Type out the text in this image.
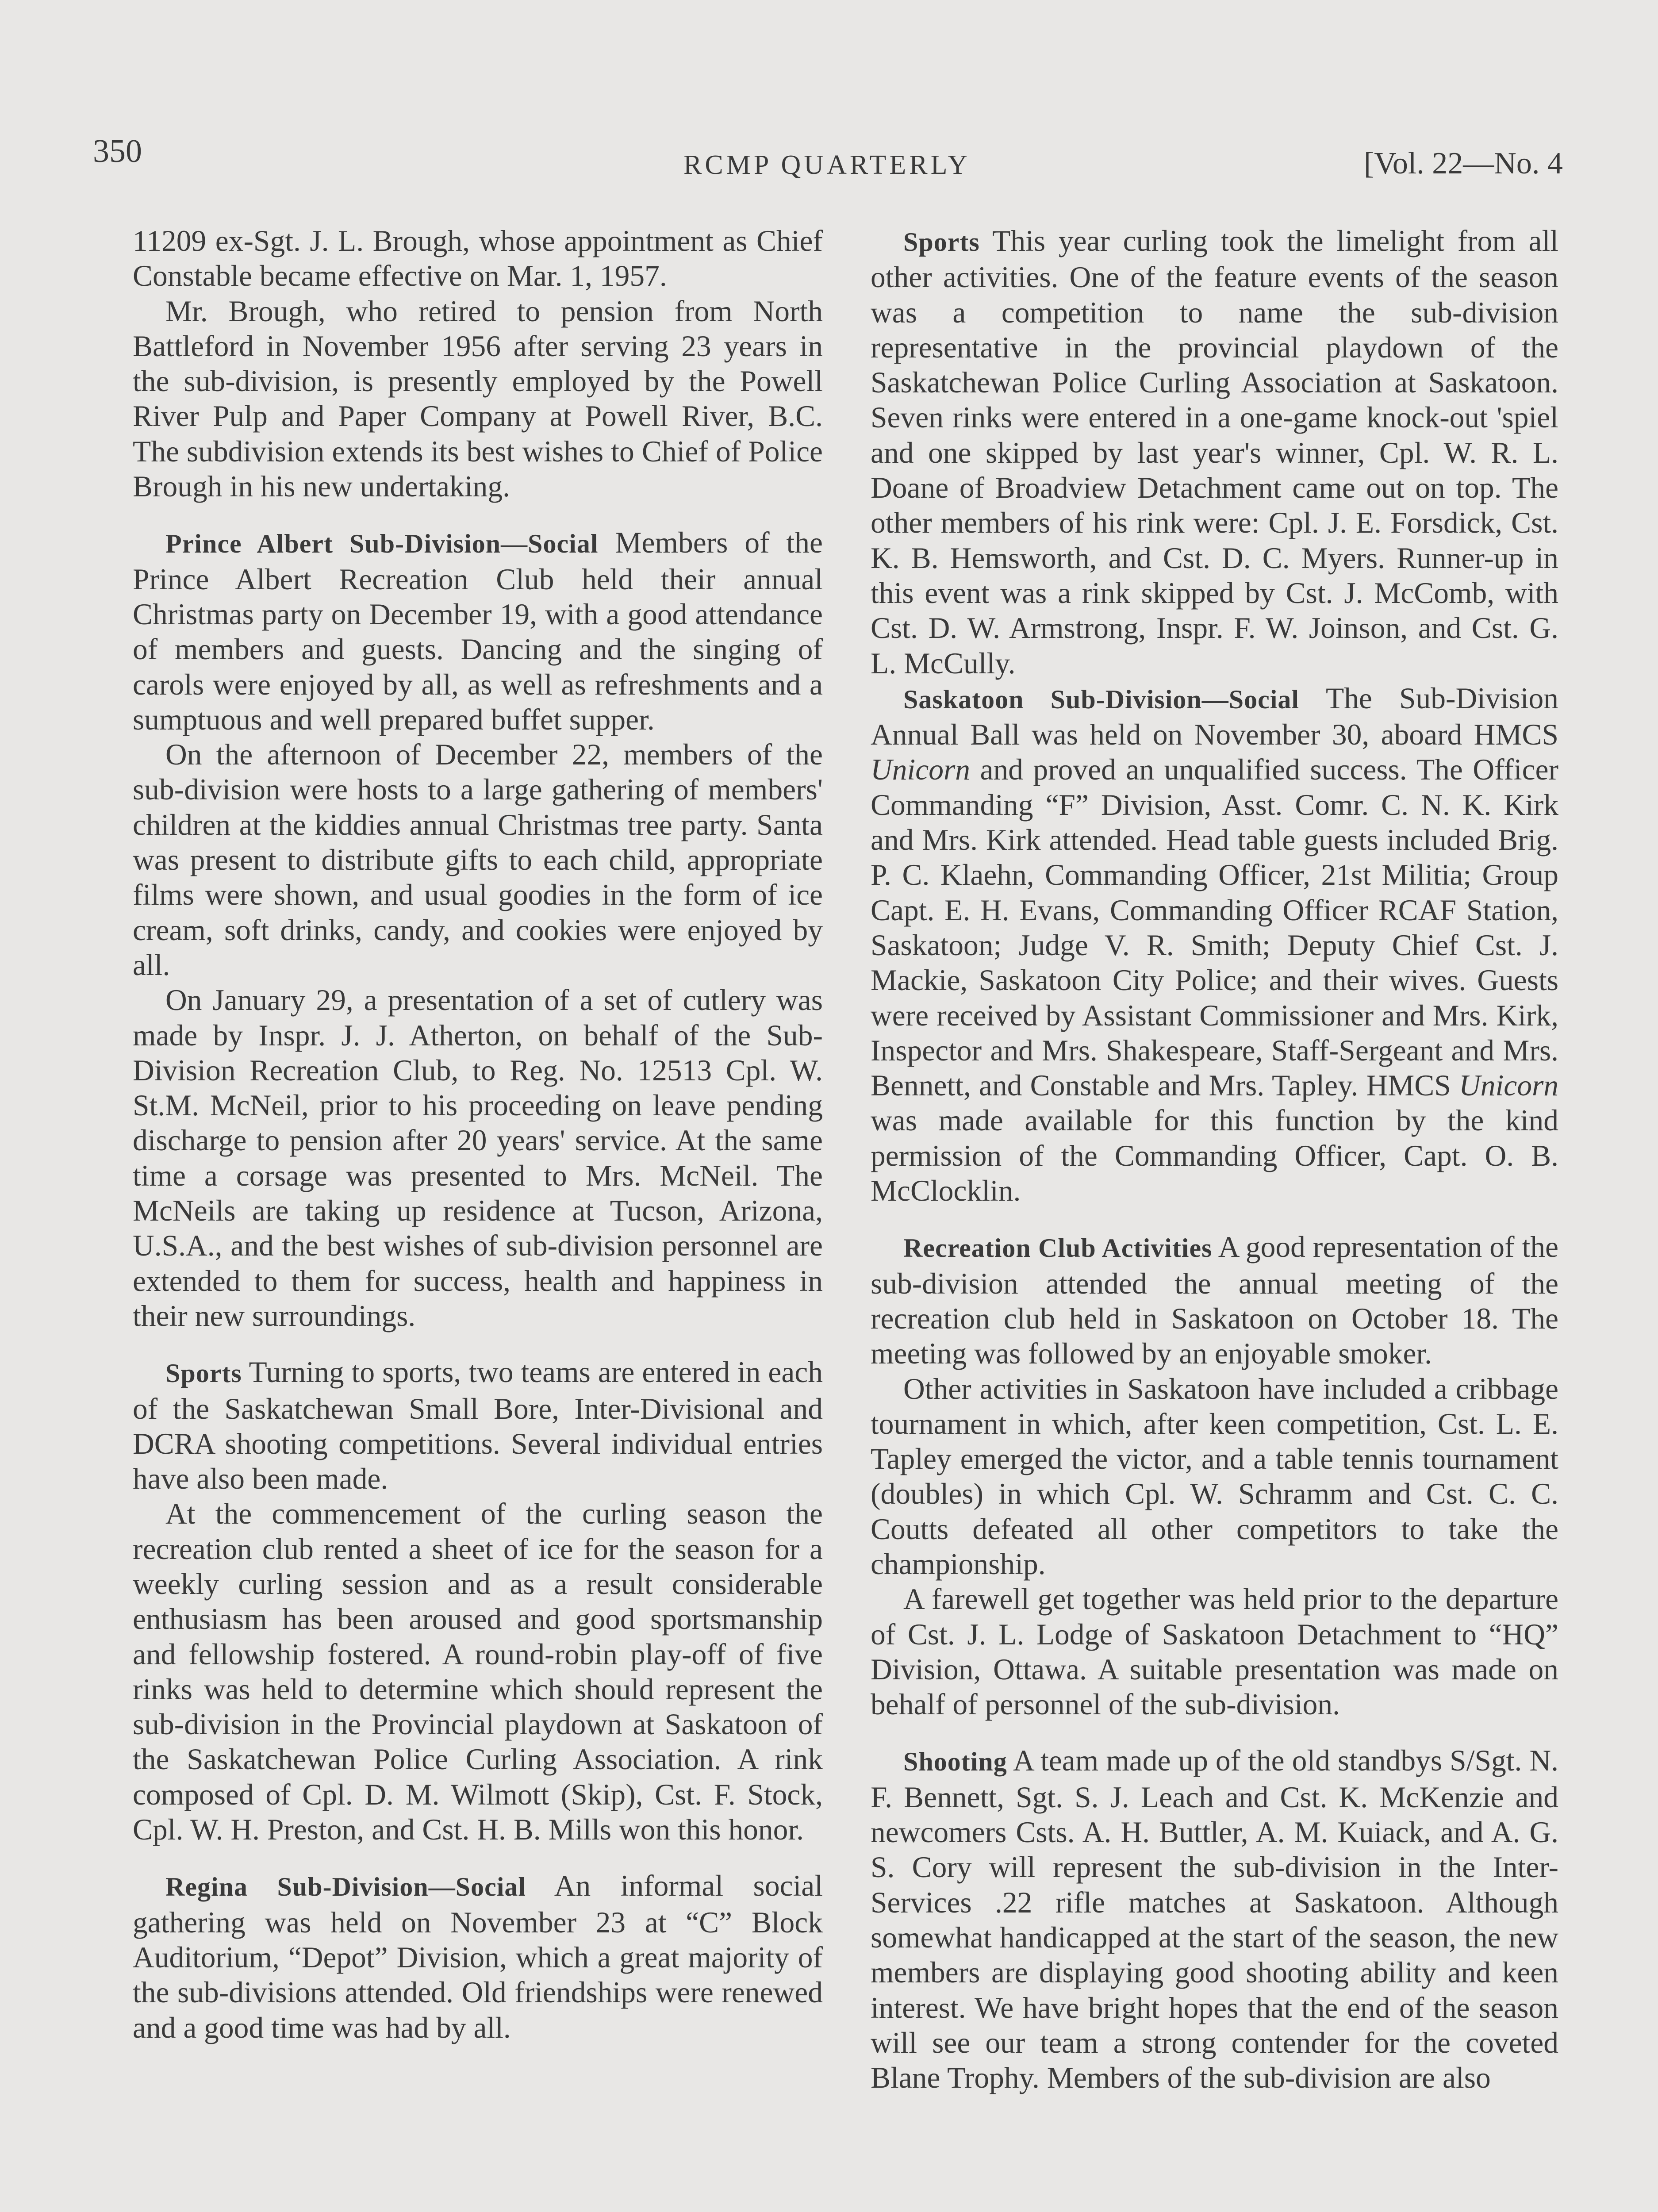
350	RCMP QUARTERLY	[Vol. 22—No. 4

11209 ex-Sgt. J. L. Brough, whose appointment as Chief Constable became effective on Mar. 1, 1957.

Mr. Brough, who retired to pension from North Battleford in November 1956 after serving 23 years in the sub-division, is presently employed by the Powell River Pulp and Paper Company at Powell River, B.C. The subdivision extends its best wishes to Chief of Police Brough in his new undertaking.

Prince Albert Sub-Division—Social Members of the Prince Albert Recreation Club held their annual Christmas party on December 19, with a good attendance of members and guests. Dancing and the singing of carols were enjoyed by all, as well as refreshments and a sumptuous and well prepared buffet supper.

On the afternoon of December 22, members of the sub-division were hosts to a large gathering of members' children at the kiddies annual Christmas tree party. Santa was present to distribute gifts to each child, appropriate films were shown, and usual goodies in the form of ice cream, soft drinks, candy, and cookies were enjoyed by all.

On January 29, a presentation of a set of cutlery was made by Inspr. J. J. Atherton, on behalf of the Sub-Division Recreation Club, to Reg. No. 12513 Cpl. W. St.M. McNeil, prior to his proceeding on leave pending discharge to pension after 20 years' service. At the same time a corsage was presented to Mrs. McNeil. The McNeils are taking up residence at Tucson, Arizona, U.S.A., and the best wishes of sub-division personnel are extended to them for success, health and happiness in their new surroundings.

Sports Turning to sports, two teams are entered in each of the Saskatchewan Small Bore, Inter-Divisional and DCRA shooting competitions. Several individual entries have also been made.

At the commencement of the curling season the recreation club rented a sheet of ice for the season for a weekly curling session and as a result considerable enthusiasm has been aroused and good sportsmanship and fellowship fostered. A round-robin play-off of five rinks was held to determine which should represent the sub-division in the Provincial playdown at Saskatoon of the Saskatchewan Police Curling Association. A rink composed of Cpl. D. M. Wilmott (Skip), Cst. F. Stock, Cpl. W. H. Preston, and Cst. H. B. Mills won this honor.

Regina Sub-Division—Social An informal social gathering was held on November 23 at “C” Block Auditorium, “Depot” Division, which a great majority of the sub-divisions attended. Old friendships were renewed and a good time was had by all.

Sports This year curling took the limelight from all other activities. One of the feature events of the season was a competition to name the sub-division representative in the provincial playdown of the Saskatchewan Police Curling Association at Saskatoon. Seven rinks were entered in a one-game knock-out 'spiel and one skipped by last year's winner, Cpl. W. R. L. Doane of Broadview Detachment came out on top. The other members of his rink were: Cpl. J. E. Forsdick, Cst. K. B. Hemsworth, and Cst. D. C. Myers. Runner-up in this event was a rink skipped by Cst. J. McComb, with Cst. D. W. Armstrong, Inspr. F. W. Joinson, and Cst. G. L. McCully.

Saskatoon Sub-Division—Social The Sub-Division Annual Ball was held on November 30, aboard HMCS Unicorn and proved an unqualified success. The Officer Commanding “F” Division, Asst. Comr. C. N. K. Kirk and Mrs. Kirk attended. Head table guests included Brig. P. C. Klaehn, Commanding Officer, 21st Militia; Group Capt. E. H. Evans, Commanding Officer RCAF Station, Saskatoon; Judge V. R. Smith; Deputy Chief Cst. J. Mackie, Saskatoon City Police; and their wives. Guests were received by Assistant Commissioner and Mrs. Kirk, Inspector and Mrs. Shakespeare, Staff-Sergeant and Mrs. Bennett, and Constable and Mrs. Tapley. HMCS Unicorn was made available for this function by the kind permission of the Commanding Officer, Capt. O. B. McClocklin.

Recreation Club Activities A good representation of the sub-division attended the annual meeting of the recreation club held in Saskatoon on October 18. The meeting was followed by an enjoyable smoker.

Other activities in Saskatoon have included a cribbage tournament in which, after keen competition, Cst. L. E. Tapley emerged the victor, and a table tennis tournament (doubles) in which Cpl. W. Schramm and Cst. C. C. Coutts defeated all other competitors to take the championship.

A farewell get together was held prior to the departure of Cst. J. L. Lodge of Saskatoon Detachment to “HQ” Division, Ottawa. A suitable presentation was made on behalf of personnel of the sub-division.

Shooting A team made up of the old standbys S/Sgt. N. F. Bennett, Sgt. S. J. Leach and Cst. K. McKenzie and newcomers Csts. A. H. Buttler, A. M. Kuiack, and A. G. S. Cory will represent the sub-division in the Inter-Services .22 rifle matches at Saskatoon. Although somewhat handicapped at the start of the season, the new members are displaying good shooting ability and keen interest. We have bright hopes that the end of the season will see our team a strong contender for the coveted Blane Trophy. Members of the sub-division are also
